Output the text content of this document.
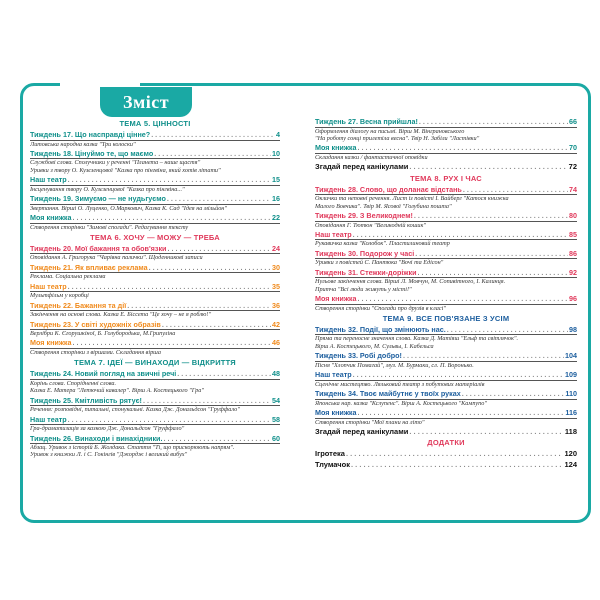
Зміст
ТЕМА 5. ЦІННОСТІ
Тиждень 17. Що насправді цінне? . . .	4
Литовська народна казка "Три колоски"
Тиждень 18. Цінуймо те, що маємо . . .	10
Службові слова. Сполучники у реченні "Планета – наше щастя"
Уривки з твору О. Кузєзенцової "Казка про пінгвіна, який хотів літати"
Наш театр . . .	15
Інсценування твору О. Кузєзенцової "Казка про пінгвіна..."
Тиждень 19. Зимуємо — не нудьгуємо . . .	16
Звертання. Вірші О. Луценко, О.Маркович, Казка К. Сад "Ідея на мільйон"
Моя книжка . . .	22
Створення сторінки "Зимові спогади". Редагування тексту
ТЕМА 6. ХОЧУ — МОЖУ — ТРЕБА
Тиждень 20. Мої бажання та обов'язки . . .	24
Оповідання А. Григорука "Чарівна палички". Щоденникові записи
Тиждень 21. Як впливає реклама . . .	30
Реклама. Соціальна реклама
Наш театр . . .	35
Мультфільм у коробці
Тиждень 22. Бажання та дії . . .	36
Закінчення на основі слова. Казка Е. Біссета "Це хочу – не я роблю!"
Тиждень 23. У світі художніх образів . . .	42
Верлібри К. Єгорушкіної, Б. Голубородька, М.Грипуліна
Моя книжка . . .	46
Створення сторінки з віршами. Складання вірша
ТЕМА 7. ІДЕЇ — ВИНАХОДИ — ВІДКРИТТЯ
Тиждень 24. Новий погляд на звичні речі . . .	48
Корінь слова. Спорідненні слова.
Казка Е. Матера "Летючий кавалер". Вірш А. Костецького "Гра"
Тиждень 25. Кмітливість рятує! . . .	54
Речення: розповідні, питальні, спонукальні. Казка Дж. Дональдсон "Груффало"
Наш театр . . .	58
Гра-драматизація за казкою Дж. Дональдсон "Груффало"
Тиждень 26. Винаходи і винахідники. . . .	60
Абзац. Уривок з історій Б. Жолдака. Стаття "Ті, що прискорюють напрям".
Уривок з книжки Л. і С. Гокінгів "Джордж і великий вибух"
Тиждень 27. Весна прийшла! . . .	66
Оформлення діалогу на письмі. Вірш М. Вінграновського
"На роботу сонці прилетіла весна". Твір Н. Забіли "Ластівки"
Моя книжка . . .	70
Складання казки / фантастичної оповідки
Згадай перед канікулами . . .	72
ТЕМА 8. РУХ І ЧАС
Тиждень 28. Слово, що доланає відстань . . .	74
Оклички та неповні речення. Лист із повісті І. Вайберг "Катося книжка
Малого Вовчика". Твір М. Ясової "Голубина пошта"
Тиждень 29. З Великоднем! . . .	80
Оповідання Г. Тютюн "Великодній кошик"
Наш театр . . .	85
Рукавичка казка "Колобок". Пластилиновий театр
Тиждень 30. Подорож у часі . . .	86
Уривки з повістей С. Пантюка "Вочі та Едісон"
Тиждень 31. Стежки-доріжки . . .	92
Нульове закінчення слова. Вірші Л. Мовчун, М. Сопивітного, І. Калинця.
Притча "Всі люди живуть у місті!"
Моя книжка . . .	96
Створення сторінки "Спогади про друзів в класі"
ТЕМА 9. ВСЕ ПОВ'ЯЗАНЕ З УСІМ
Тиждень 32. Події, що змінюють нас. . . .	98
Пряма та переносне значення слова. Казка Д. Матіяш "Ельф та світлячок".
Вірш А. Костецького, М. Сульвы, І. Кабельса
Тиждень 33. Робі добро! . . .	104
Пісня "Хлопчик Помагай", муз. М. Бурмаки, сл. П. Воронько.
Наш театр . . .	109
Сценічне мистецтво. Ляльковий театр з побутових матеріалів
Тиждень 34. Твоє майбутнє у твоїх руках . . .	110
Японська нар. казка "Кслупенс". Вірш А. Костецького "Кампупо"
Моя книжка . . .	116
Створення сторінки "Мої плани на літо"
Згадай перед канікулами . . .	118
ДОДАТКИ
Ігротека . . .	120
Тлумачок . . .	124
